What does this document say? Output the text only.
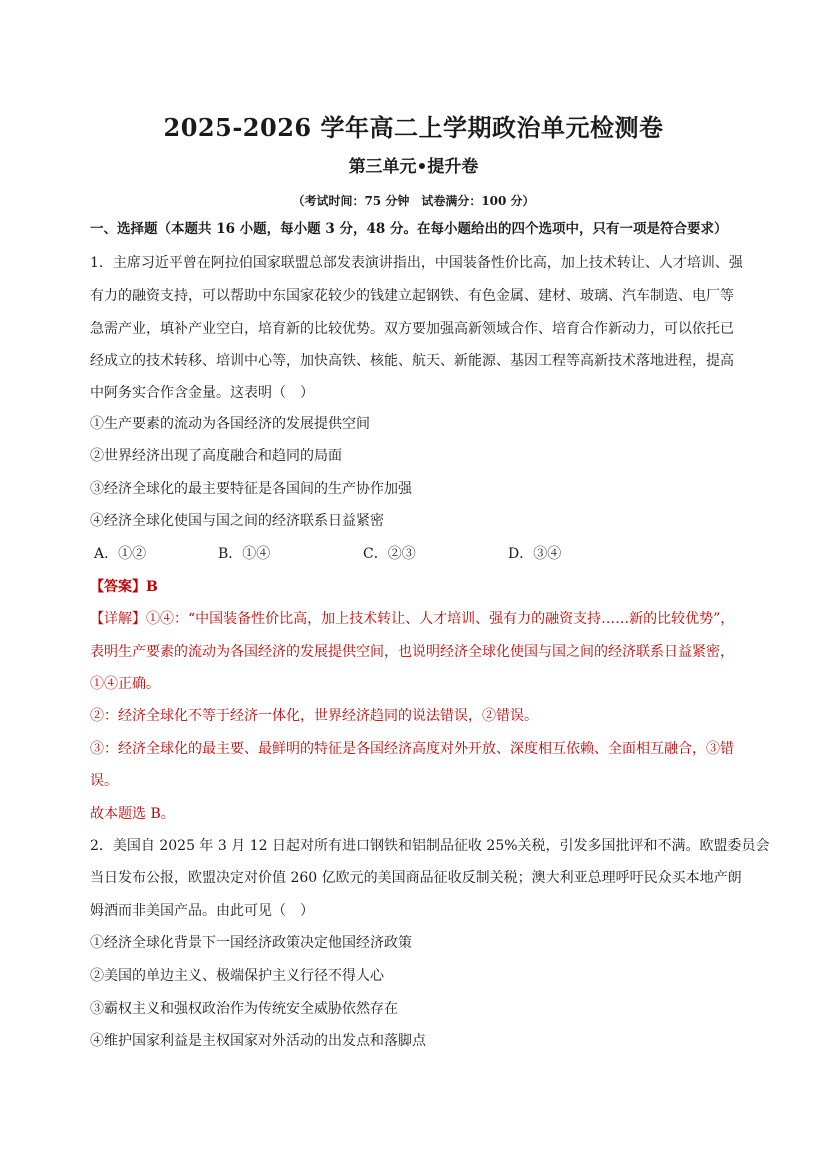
2025-2026 学年高二上学期政治单元检测卷
第三单元•提升卷
（考试时间：75 分钟　试卷满分：100 分）
一、选择题（本题共 16 小题，每小题 3 分，48 分。在每小题给出的四个选项中，只有一项是符合要求）
1．主席习近平曾在阿拉伯国家联盟总部发表演讲指出，中国装备性价比高，加上技术转让、人才培训、强
有力的融资支持，可以帮助中东国家花较少的钱建立起钢铁、有色金属、建材、玻璃、汽车制造、电厂等
急需产业，填补产业空白，培育新的比较优势。双方要加强高新领域合作、培育合作新动力，可以依托已
经成立的技术转移、培训中心等，加快高铁、核能、航天、新能源、基因工程等高新技术落地进程，提高
中阿务实合作含金量。这表明（　）
①生产要素的流动为各国经济的发展提供空间
②世界经济出现了高度融合和趋同的局面
③经济全球化的最主要特征是各国间的生产协作加强
④经济全球化使国与国之间的经济联系日益紧密
A．①②	B．①④	C．②③	D．③④
【答案】B
【详解】①④：“中国装备性价比高，加上技术转让、人才培训、强有力的融资支持……新的比较优势”，
表明生产要素的流动为各国经济的发展提供空间，也说明经济全球化使国与国之间的经济联系日益紧密，
①④正确。
②：经济全球化不等于经济一体化，世界经济趋同的说法错误，②错误。
③：经济全球化的最主要、最鲜明的特征是各国经济高度对外开放、深度相互依赖、全面相互融合，③错
误。
故本题选 B。
2．美国自 2025 年 3 月 12 日起对所有进口钢铁和铝制品征收 25%关税，引发多国批评和不满。欧盟委员会
当日发布公报，欧盟决定对价值 260 亿欧元的美国商品征收反制关税；澳大利亚总理呼吁民众买本地产朗
姆酒而非美国产品。由此可见（　）
①经济全球化背景下一国经济政策决定他国经济政策
②美国的单边主义、极端保护主义行径不得人心
③霸权主义和强权政治作为传统安全威胁依然存在
④维护国家利益是主权国家对外活动的出发点和落脚点
